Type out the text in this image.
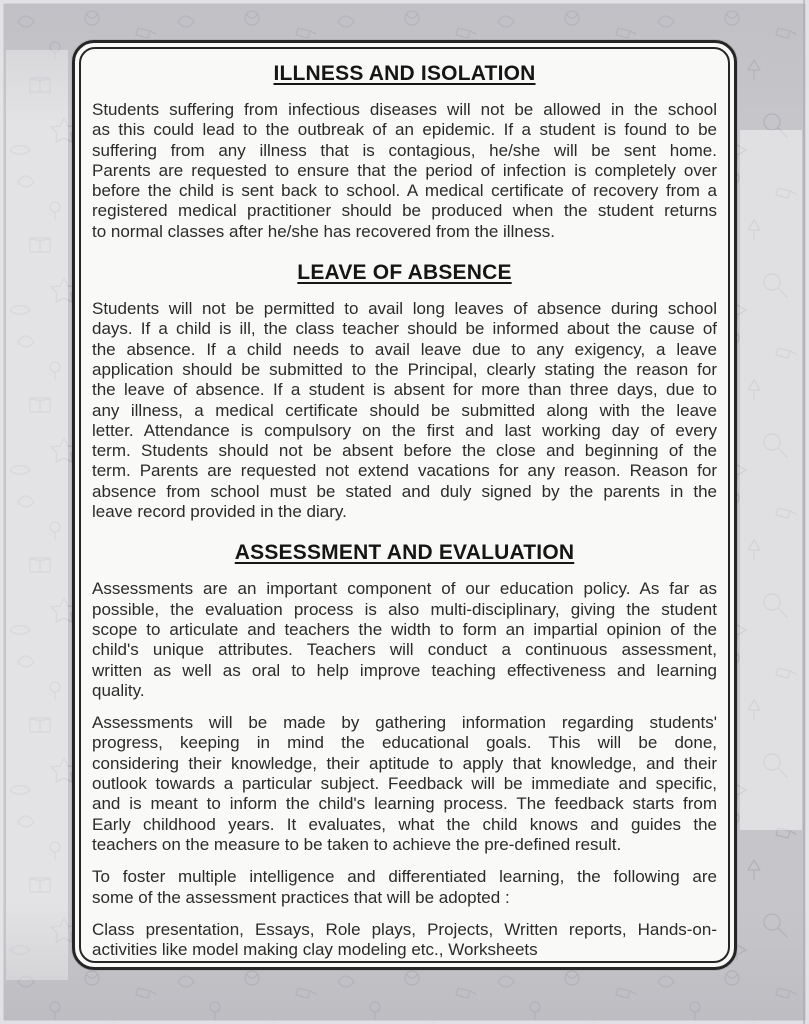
ILLNESS AND ISOLATION
Students suffering from infectious diseases will not be allowed in the school
as this could lead to the outbreak of an epidemic. If a student is found to be
suffering from any illness that is contagious, he/she will be sent home.
Parents are requested to ensure that the period of infection is completely over
before the child is sent back to school. A medical certificate of recovery from a
registered medical practitioner should be produced when the student returns
to normal classes after he/she has recovered from the illness.
LEAVE OF ABSENCE
Students will not be permitted to avail long leaves of absence during school
days. If a child is ill, the class teacher should be informed about the cause of
the absence. If a child needs to avail leave due to any exigency, a leave
application should be submitted to the Principal, clearly stating the reason for
the leave of absence. If a student is absent for more than three days, due to
any illness, a medical certificate should be submitted along with the leave
letter. Attendance is compulsory on the first and last working day of every
term. Students should not be absent before the close and beginning of the
term. Parents are requested not extend vacations for any reason. Reason for
absence from school must be stated and duly signed by the parents in the
leave record provided in the diary.
ASSESSMENT AND EVALUATION
Assessments are an important component of our education policy. As far as
possible, the evaluation process is also multi-disciplinary, giving the student
scope to articulate and teachers the width to form an impartial opinion of the
child's unique attributes. Teachers will conduct a continuous assessment,
written as well as oral to help improve teaching effectiveness and learning
quality.
Assessments will be made by gathering information regarding students'
progress, keeping in mind the educational goals. This will be done,
considering their knowledge, their aptitude to apply that knowledge, and their
outlook towards a particular subject. Feedback will be immediate and specific,
and is meant to inform the child's learning process. The feedback starts from
Early childhood years. It evaluates, what the child knows and guides the
teachers on the measure to be taken to achieve the pre-defined result.
To foster multiple intelligence and differentiated learning, the following are
some of the assessment practices that will be adopted :
Class presentation, Essays, Role plays, Projects, Written reports, Hands-on-
activities like model making clay modeling etc., Worksheets
